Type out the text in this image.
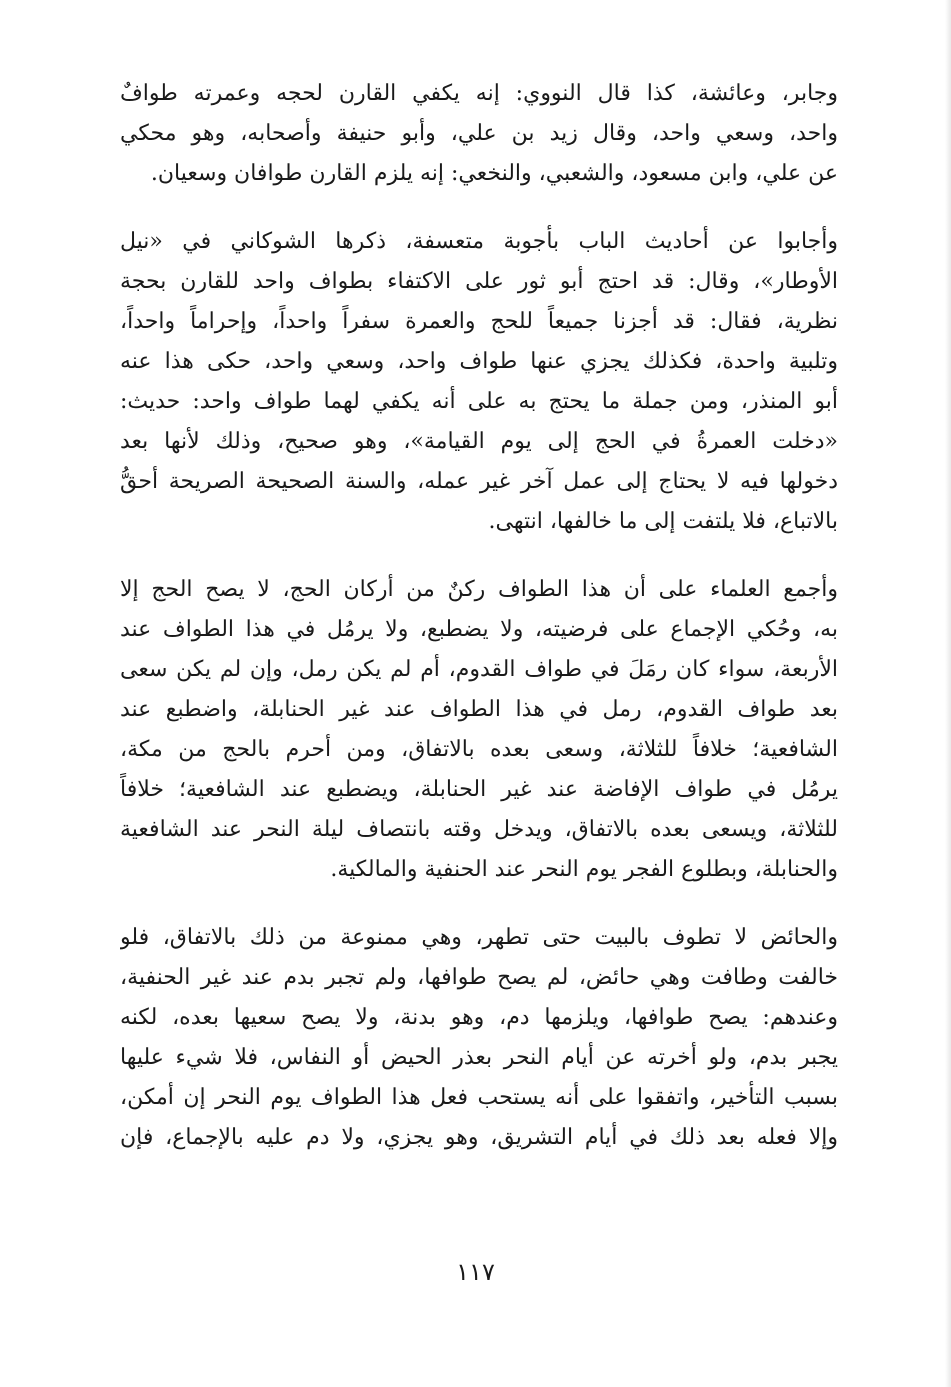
وجابر، وعائشة، كذا قال النووي: إنه يكفي القارن لحجه وعمرته طوافٌ
واحد، وسعي واحد، وقال زيد بن علي، وأبو حنيفة وأصحابه، وهو محكي
عن علي، وابن مسعود، والشعبي، والنخعي: إنه يلزم القارن طوافان وسعيان.
وأجابوا عن أحاديث الباب بأجوبة متعسفة، ذكرها الشوكاني في «نيل
الأوطار»، وقال: قد احتج أبو ثور على الاكتفاء بطواف واحد للقارن بحجة
نظرية، فقال: قد أجزنا جميعاً للحج والعمرة سفراً واحداً، وإحراماً واحداً،
وتلبية واحدة، فكذلك يجزي عنها طواف واحد، وسعي واحد، حكى هذا عنه
أبو المنذر، ومن جملة ما يحتج به على أنه يكفي لهما طواف واحد: حديث:
«دخلت العمرةُ في الحج إلى يوم القيامة»، وهو صحيح، وذلك لأنها بعد
دخولها فيه لا يحتاج إلى عمل آخر غير عمله، والسنة الصحيحة الصريحة أحقُّ
بالاتباع، فلا يلتفت إلى ما خالفها، انتهى.
وأجمع العلماء على أن هذا الطواف ركنٌ من أركان الحج، لا يصح الحج إلا
به، وحُكي الإجماع على فرضيته، ولا يضطبع، ولا يرمُل في هذا الطواف عند
الأربعة، سواء كان رمَلَ في طواف القدوم، أم لم يكن رمل، وإن لم يكن سعى
بعد طواف القدوم، رمل في هذا الطواف عند غير الحنابلة، واضطبع عند
الشافعية؛ خلافاً للثلاثة، وسعى بعده بالاتفاق، ومن أحرم بالحج من مكة،
يرمُل في طواف الإفاضة عند غير الحنابلة، ويضطبع عند الشافعية؛ خلافاً
للثلاثة، ويسعى بعده بالاتفاق، ويدخل وقته بانتصاف ليلة النحر عند الشافعية
والحنابلة، وبطلوع الفجر يوم النحر عند الحنفية والمالكية.
والحائض لا تطوف بالبيت حتى تطهر، وهي ممنوعة من ذلك بالاتفاق، فلو
خالفت وطافت وهي حائض، لم يصح طوافها، ولم تجبر بدم عند غير الحنفية،
وعندهم: يصح طوافها، ويلزمها دم، وهو بدنة، ولا يصح سعيها بعده، لكنه
يجبر بدم، ولو أخرته عن أيام النحر بعذر الحيض أو النفاس، فلا شيء عليها
بسبب التأخير، واتفقوا على أنه يستحب فعل هذا الطواف يوم النحر إن أمكن،
وإلا فعله بعد ذلك في أيام التشريق، وهو يجزي، ولا دم عليه بالإجماع، فإن
١١٧
